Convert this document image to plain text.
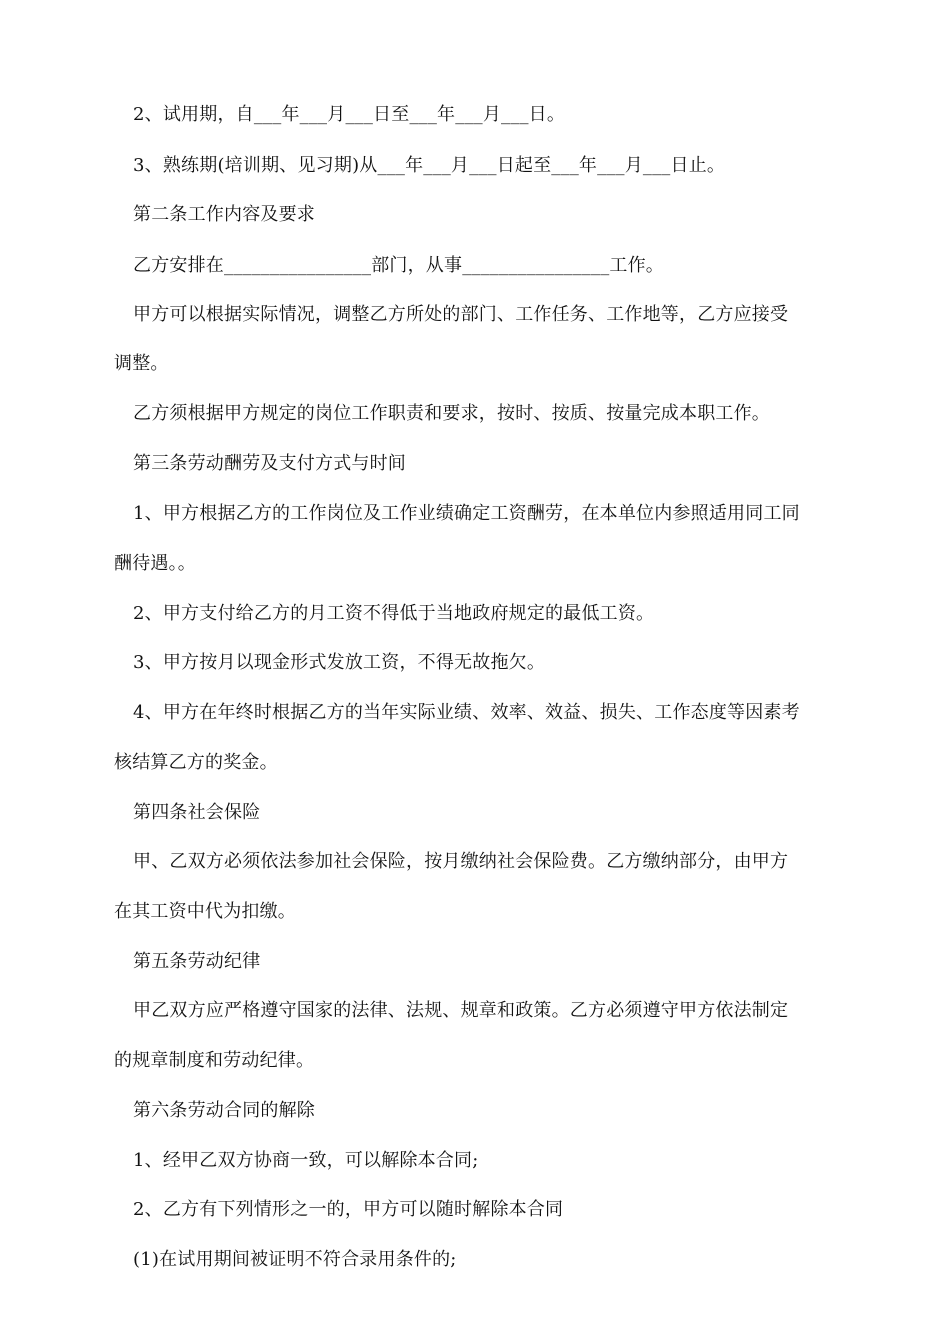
2、试用期，自___年___月___日至___年___月___日。
3、熟练期(培训期、见习期)从___年___月___日起至___年___月___日止。
第二条工作内容及要求
乙方安排在________________部门，从事________________工作。
甲方可以根据实际情况，调整乙方所处的部门、工作任务、工作地等，乙方应接受
调整。
乙方须根据甲方规定的岗位工作职责和要求，按时、按质、按量完成本职工作。
第三条劳动酬劳及支付方式与时间
1、甲方根据乙方的工作岗位及工作业绩确定工资酬劳，在本单位内参照适用同工同
酬待遇。。
2、甲方支付给乙方的月工资不得低于当地政府规定的最低工资。
3、甲方按月以现金形式发放工资，不得无故拖欠。
4、甲方在年终时根据乙方的当年实际业绩、效率、效益、损失、工作态度等因素考
核结算乙方的奖金。
第四条社会保险
甲、乙双方必须依法参加社会保险，按月缴纳社会保险费。乙方缴纳部分，由甲方
在其工资中代为扣缴。
第五条劳动纪律
甲乙双方应严格遵守国家的法律、法规、规章和政策。乙方必须遵守甲方依法制定
的规章制度和劳动纪律。
第六条劳动合同的解除
1、经甲乙双方协商一致，可以解除本合同;
2、乙方有下列情形之一的，甲方可以随时解除本合同
(1)在试用期间被证明不符合录用条件的;
